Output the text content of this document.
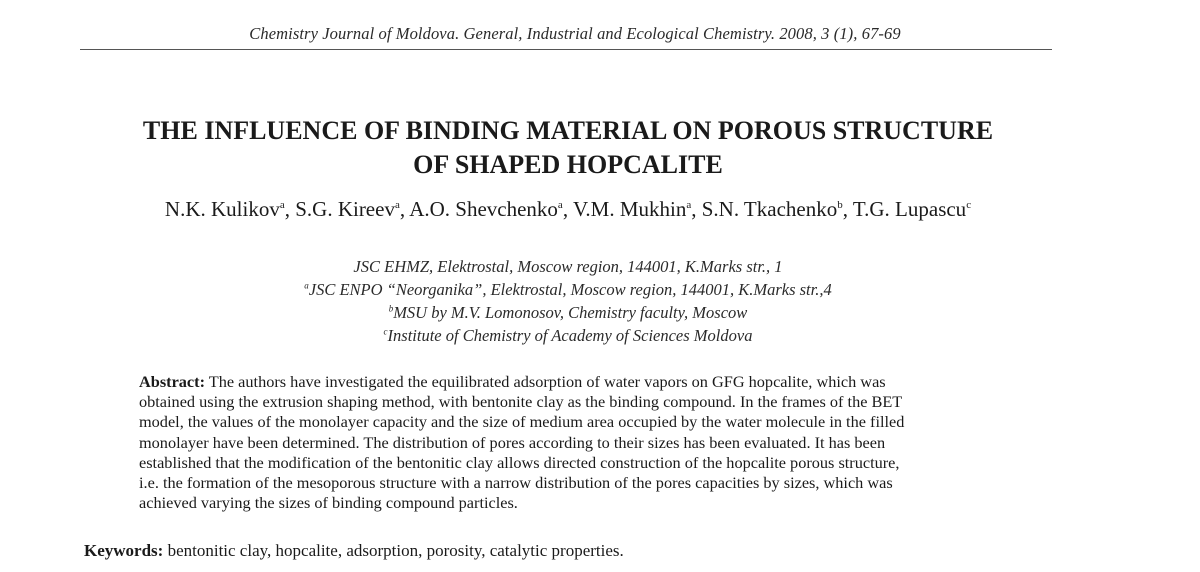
Chemistry Journal of Moldova. General, Industrial and Ecological Chemistry. 2008, 3 (1), 67-69
THE INFLUENCE OF BINDING MATERIAL ON POROUS STRUCTURE
OF SHAPED HOPCALITE
N.K. Kulikov$^a$, S.G. Kireev$^a$, A.O. Shevchenko$^a$, V.M. Mukhin$^a$, S.N. Tkachenko$^b$, T.G. Lupascu$^c$
JSC EHMZ, Elektrostal, Moscow region, 144001, K.Marks str., 1
$^a$JSC ENPO “Neorganika”, Elektrostal, Moscow region, 144001, K.Marks str.,4
$^b$MSU by M.V. Lomonosov, Chemistry faculty, Moscow
$^c$Institute of Chemistry of Academy of Sciences Moldova
Abstract: The authors have investigated the equilibrated adsorption of water vapors on GFG hopcalite, which was
obtained using the extrusion shaping method, with bentonite clay as the binding compound. In the frames of the BET
model, the values of the monolayer capacity and the size of medium area occupied by the water molecule in the filled
monolayer have been determined. The distribution of pores according to their sizes has been evaluated. It has been
established that the modification of the bentonitic clay allows directed construction of the hopcalite porous structure,
i.e. the formation of the mesoporous structure with a narrow distribution of the pores capacities by sizes, which was
achieved varying the sizes of binding compound particles.
Keywords: bentonitic clay, hopcalite, adsorption, porosity, catalytic properties.
